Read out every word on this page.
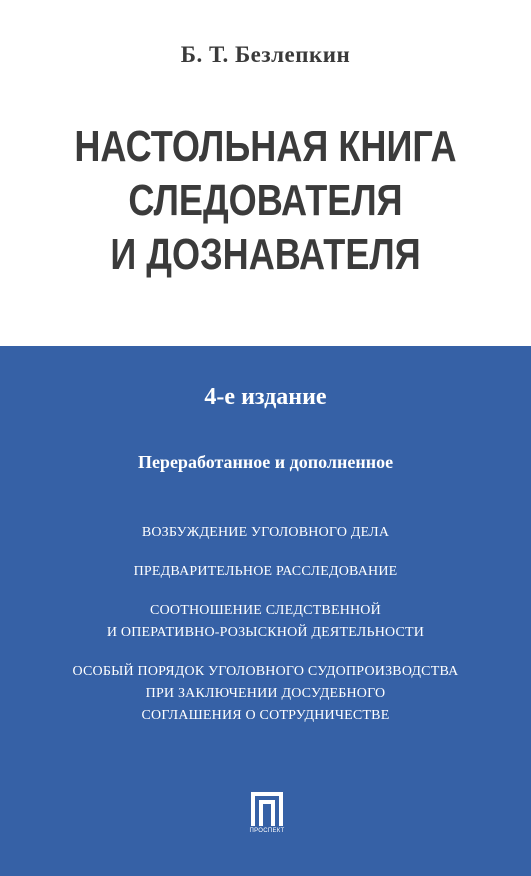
Б. Т. Безлепкин
НАСТОЛЬНАЯ КНИГА
СЛЕДОВАТЕЛЯ
И ДОЗНАВАТЕЛЯ
4-е издание
Переработанное и дополненное
ВОЗБУЖДЕНИЕ УГОЛОВНОГО ДЕЛА
ПРЕДВАРИТЕЛЬНОЕ РАССЛЕДОВАНИЕ
СООТНОШЕНИЕ СЛЕДСТВЕННОЙ
И ОПЕРАТИВНО-РОЗЫСКНОЙ ДЕЯТЕЛЬНОСТИ
ОСОБЫЙ ПОРЯДОК УГОЛОВНОГО СУДОПРОИЗВОДСТВА
ПРИ ЗАКЛЮЧЕНИИ ДОСУДЕБНОГО
СОГЛАШЕНИЯ О СОТРУДНИЧЕСТВЕ
ПРОСПЕКТ
